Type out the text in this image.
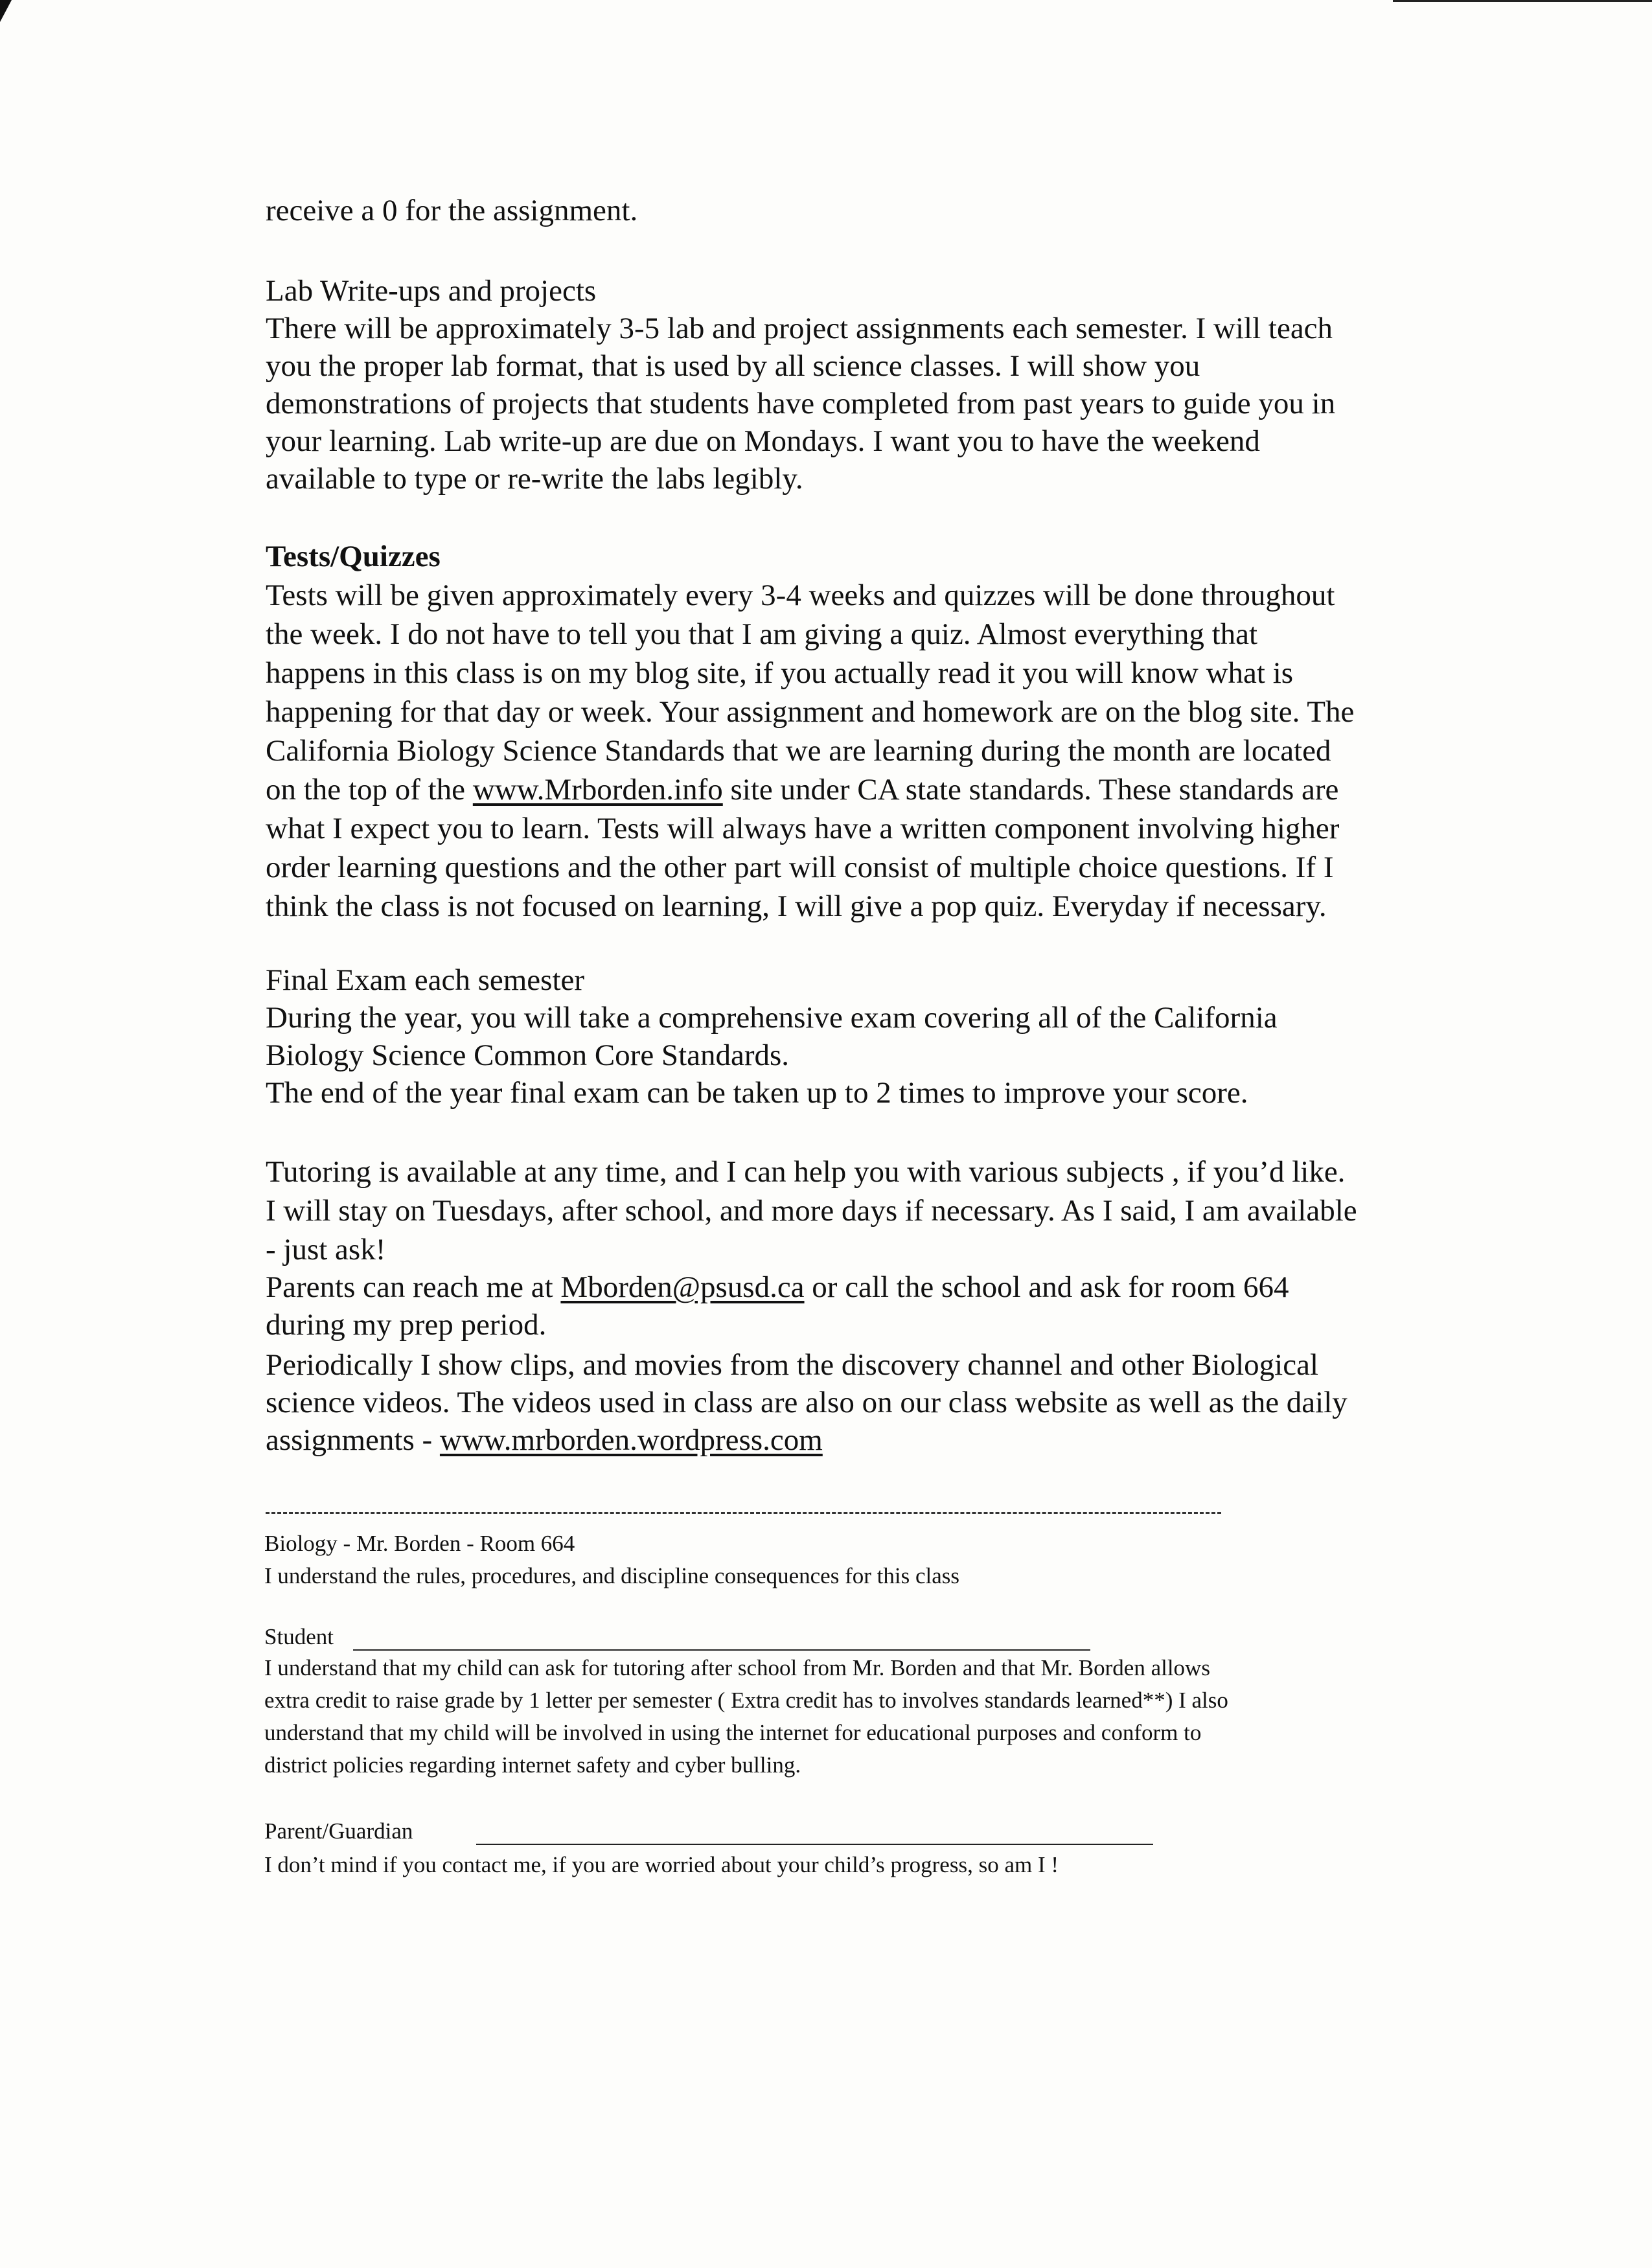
receive a 0 for the assignment.
Lab Write-ups and projects
There will be approximately 3-5 lab and project assignments each semester. I will teach
you the proper lab format, that is used by all science classes. I will show you
demonstrations of projects that students have completed from past years to guide you in
your learning. Lab write-up are due on Mondays. I want you to have the weekend
available to type or re-write the labs legibly.
Tests/Quizzes
Tests will be given approximately every 3-4 weeks and quizzes will be done throughout
the week. I do not have to tell you that I am giving a quiz. Almost everything that
happens in this class is on my blog site, if you actually read it you will know what is
happening for that day or week. Your assignment and homework are on the blog site. The
California Biology Science Standards that we are learning during the month are located
on the top of the www.Mrborden.info site under CA state standards. These standards are
what I expect you to learn. Tests will always have a written component involving higher
order learning questions and the other part will consist of multiple choice questions. If I
think the class is not focused on learning, I will give a pop quiz. Everyday if necessary.
Final Exam each semester
During the year, you will take a comprehensive exam covering all of the California
Biology Science Common Core Standards.
The end of the year final exam can be taken up to 2 times to improve your score.
Tutoring is available at any time, and I can help you with various subjects , if you’d like.
I will stay on Tuesdays, after school, and more days if necessary. As I said, I am available
- just ask!
Parents can reach me at Mborden@psusd.ca or call the school and ask for room 664
during my prep period.
Periodically I show clips, and movies from the discovery channel and other Biological
science videos. The videos used in class are also on our class website as well as the daily
assignments - www.mrborden.wordpress.com
Biology - Mr. Borden - Room 664
I understand the rules, procedures, and discipline consequences for this class
Student
I understand that my child can ask for tutoring after school from Mr. Borden and that Mr. Borden allows
extra credit to raise grade by 1 letter per semester ( Extra credit has to involves standards learned**) I also
understand that my child will be involved in using the internet for educational purposes and conform to
district policies regarding internet safety and cyber bulling.
Parent/Guardian
I don’t mind if you contact me, if you are worried about your child’s progress, so am I !
